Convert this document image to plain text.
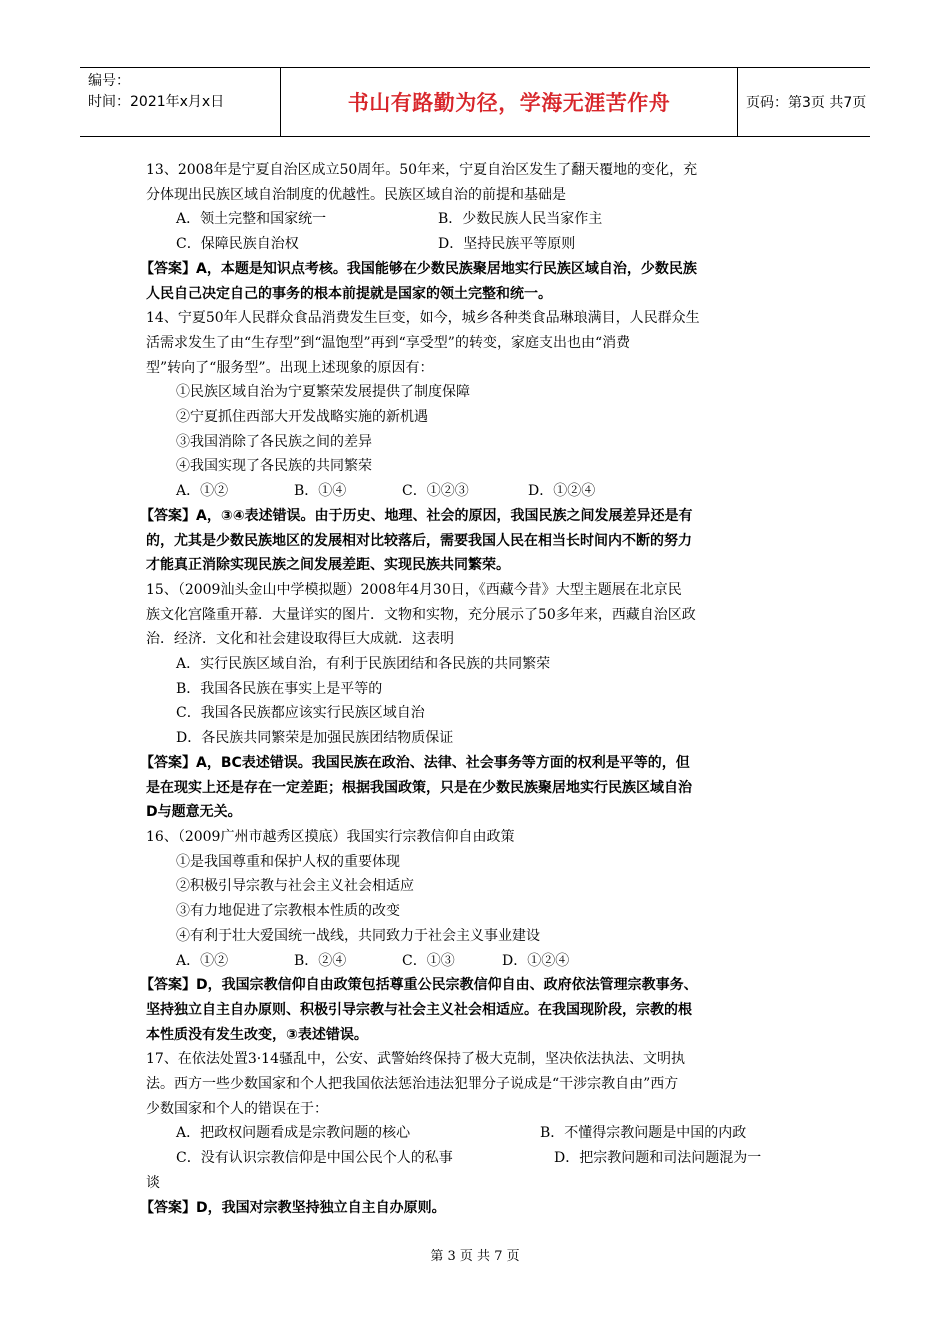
编号：
时间：2021年x月x日	书山有路勤为径，学海无涯苦作舟	页码：第3页 共7页
13、2008年是宁夏自治区成立50周年。50年来，宁夏自治区发生了翻天覆地的变化，充
分体现出民族区域自治制度的优越性。民族区域自治的前提和基础是
A．领土完整和国家统一	B．少数民族人民当家作主
C．保障民族自治权	D．坚持民族平等原则
【答案】A，本题是知识点考核。我国能够在少数民族聚居地实行民族区域自治，少数民族
人民自己决定自己的事务的根本前提就是国家的领土完整和统一。
14、宁夏50年人民群众食品消费发生巨变，如今，城乡各种类食品琳琅满目，人民群众生
活需求发生了由“生存型”到“温饱型”再到“享受型”的转变，家庭支出也由“消费
型”转向了“服务型”。出现上述现象的原因有：
①民族区域自治为宁夏繁荣发展提供了制度保障
②宁夏抓住西部大开发战略实施的新机遇
③我国消除了各民族之间的差异
④我国实现了各民族的共同繁荣
A．①②	B．①④	C．①②③	D．①②④
【答案】A，③④表述错误。由于历史、地理、社会的原因，我国民族之间发展差异还是有
的，尤其是少数民族地区的发展相对比较落后，需要我国人民在相当长时间内不断的努力
才能真正消除实现民族之间发展差距、实现民族共同繁荣。
15、（2009汕头金山中学模拟题）2008年4月30日，《西藏今昔》大型主题展在北京民
族文化宫隆重开幕．大量详实的图片．文物和实物，充分展示了50多年来，西藏自治区政
治．经济．文化和社会建设取得巨大成就．这表明
A．实行民族区域自治，有利于民族团结和各民族的共同繁荣
B．我国各民族在事实上是平等的
C．我国各民族都应该实行民族区域自治
D．各民族共同繁荣是加强民族团结物质保证
【答案】A，BC表述错误。我国民族在政治、法律、社会事务等方面的权利是平等的，但
是在现实上还是存在一定差距；根据我国政策，只是在少数民族聚居地实行民族区域自治
D与题意无关。
16、（2009广州市越秀区摸底）我国实行宗教信仰自由政策
①是我国尊重和保护人权的重要体现
②积极引导宗教与社会主义社会相适应
③有力地促进了宗教根本性质的改变
④有利于壮大爱国统一战线，共同致力于社会主义事业建设
A．①②	B．②④	C．①③	D．①②④
【答案】D，我国宗教信仰自由政策包括尊重公民宗教信仰自由、政府依法管理宗教事务、
坚持独立自主自办原则、积极引导宗教与社会主义社会相适应。在我国现阶段，宗教的根
本性质没有发生改变，③表述错误。
17、在依法处置3·14骚乱中，公安、武警始终保持了极大克制，坚决依法执法、文明执
法。西方一些少数国家和个人把我国依法惩治违法犯罪分子说成是“干涉宗教自由”西方
少数国家和个人的错误在于：
A．把政权问题看成是宗教问题的核心	B．不懂得宗教问题是中国的内政
C．没有认识宗教信仰是中国公民个人的私事	D．把宗教问题和司法问题混为一
谈
【答案】D，我国对宗教坚持独立自主自办原则。
第 3 页 共 7 页
